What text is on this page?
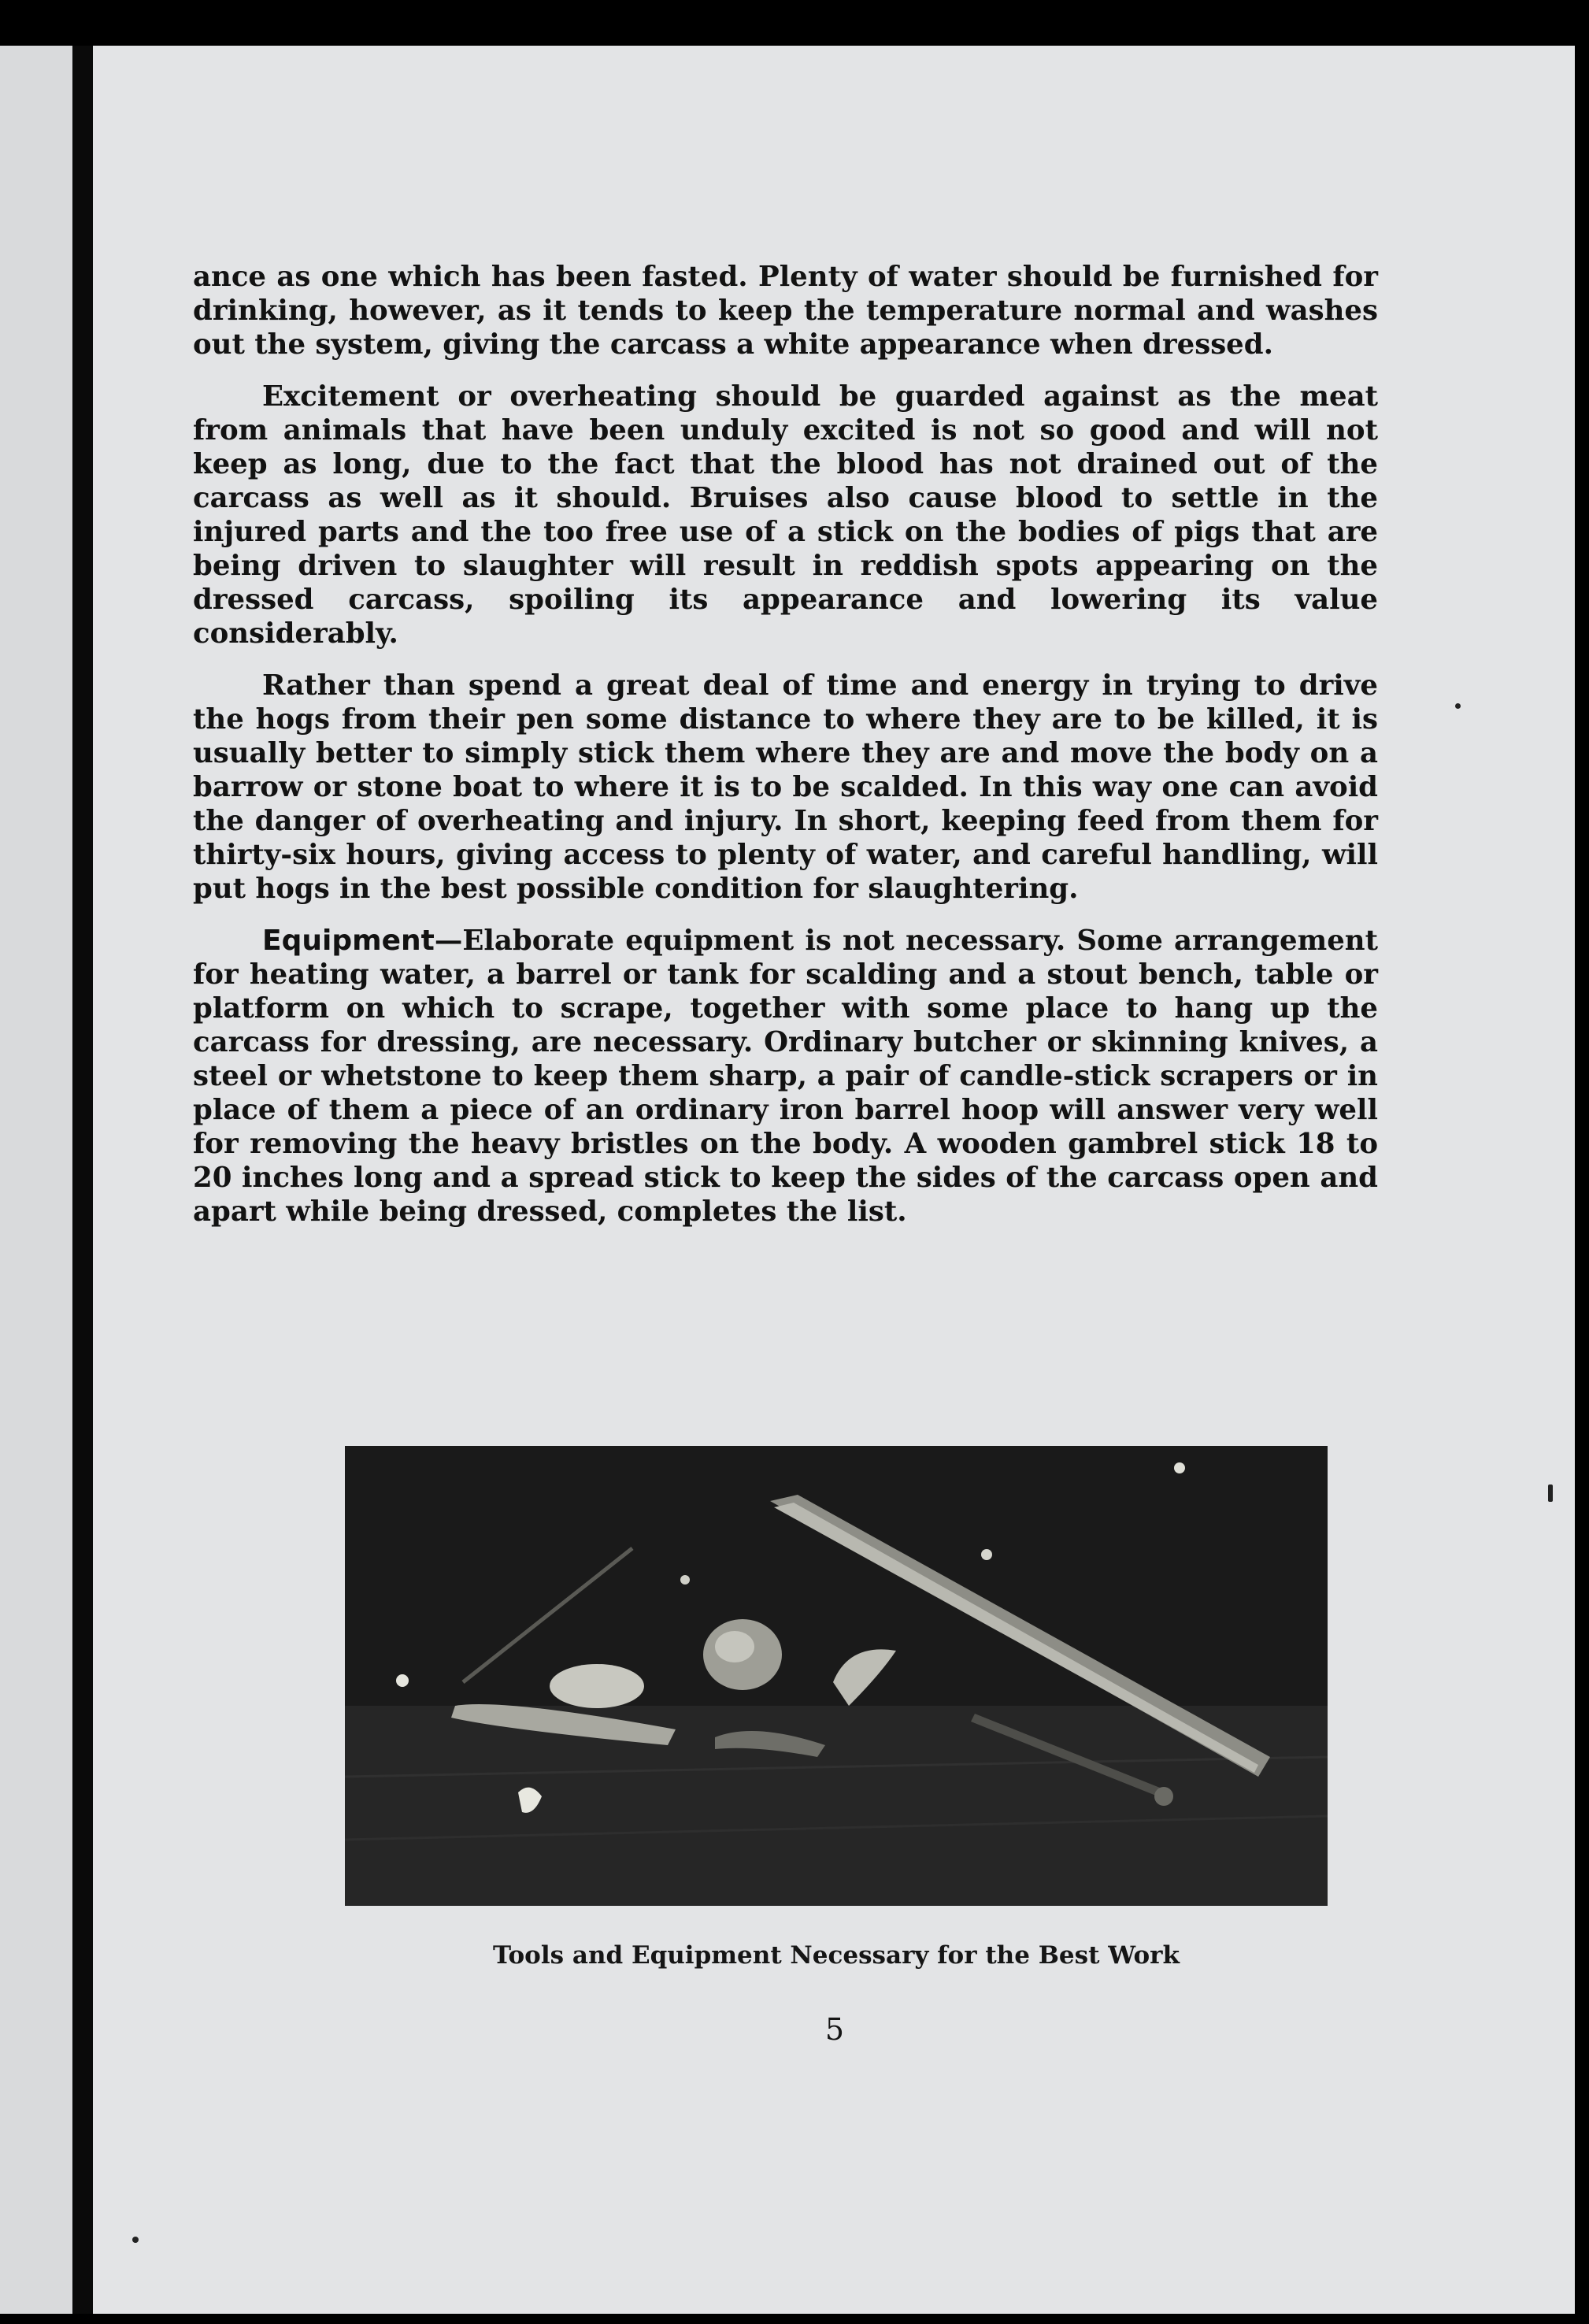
ance as one which has been fasted. Plenty of water should be furnished for drinking, however, as it tends to keep the temperature normal and washes out the system, giving the carcass a white appearance when dressed.

Excitement or overheating should be guarded against as the meat from animals that have been unduly excited is not so good and will not keep as long, due to the fact that the blood has not drained out of the carcass as well as it should. Bruises also cause blood to settle in the injured parts and the too free use of a stick on the bodies of pigs that are being driven to slaughter will result in reddish spots appearing on the dressed carcass, spoiling its appearance and lowering its value considerably.

Rather than spend a great deal of time and energy in trying to drive the hogs from their pen some distance to where they are to be killed, it is usually better to simply stick them where they are and move the body on a barrow or stone boat to where it is to be scalded. In this way one can avoid the danger of overheating and injury. In short, keeping feed from them for thirty-six hours, giving access to plenty of water, and careful handling, will put hogs in the best possible condition for slaughtering.

Equipment—Elaborate equipment is not necessary. Some arrangement for heating water, a barrel or tank for scalding and a stout bench, table or platform on which to scrape, together with some place to hang up the carcass for dressing, are necessary. Ordinary butcher or skinning knives, a steel or whetstone to keep them sharp, a pair of candle-stick scrapers or in place of them a piece of an ordinary iron barrel hoop will answer very well for removing the heavy bristles on the body. A wooden gambrel stick 18 to 20 inches long and a spread stick to keep the sides of the carcass open and apart while being dressed, completes the list.

Tools and Equipment Necessary for the Best Work
5
